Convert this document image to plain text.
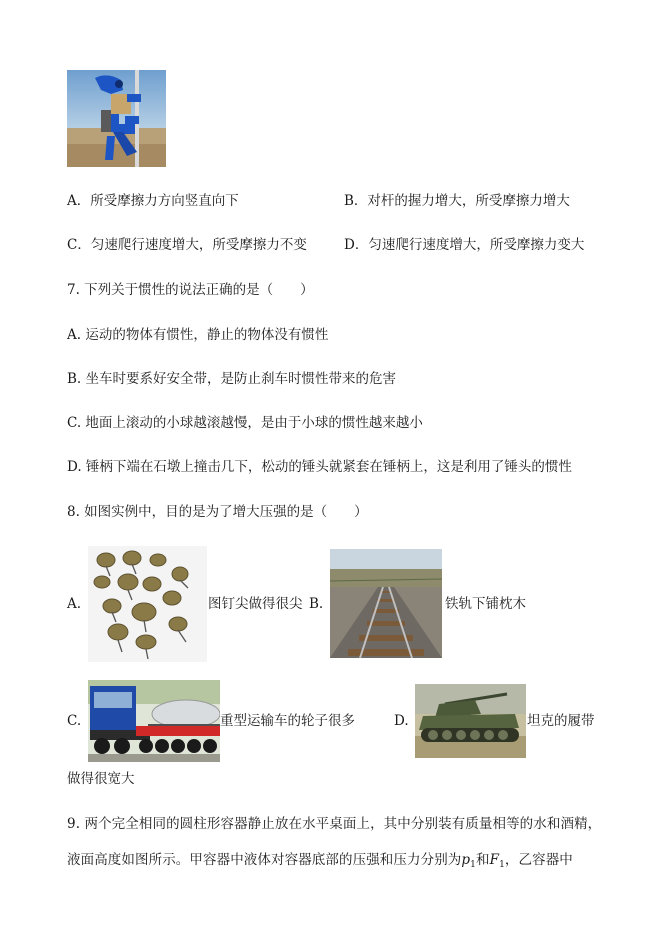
A．所受摩擦力方向竖直向下	B．对杆的握力增大，所受摩擦力增大
C．匀速爬行速度增大，所受摩擦力不变	D．匀速爬行速度增大，所受摩擦力变大
7. 下列关于惯性的说法正确的是（　　）
A. 运动的物体有惯性，静止的物体没有惯性
B. 坐车时要系好安全带，是防止刹车时惯性带来的危害
C. 地面上滚动的小球越滚越慢，是由于小球的惯性越来越小
D. 锤柄下端在石墩上撞击几下，松动的锤头就紧套在锤柄上，这是利用了锤头的惯性
8. 如图实例中，目的是为了增大压强的是（　　）
A.	图钉尖做得很尖 B.	铁轨下铺枕木
C.	重型运输车的轮子很多	D.	坦克的履带
做得很宽大
9. 两个完全相同的圆柱形容器静止放在水平桌面上，其中分别装有质量相等的水和酒精，
液面高度如图所示。甲容器中液体对容器底部的压强和压力分别为$p_1$和$F_1$，乙容器中
